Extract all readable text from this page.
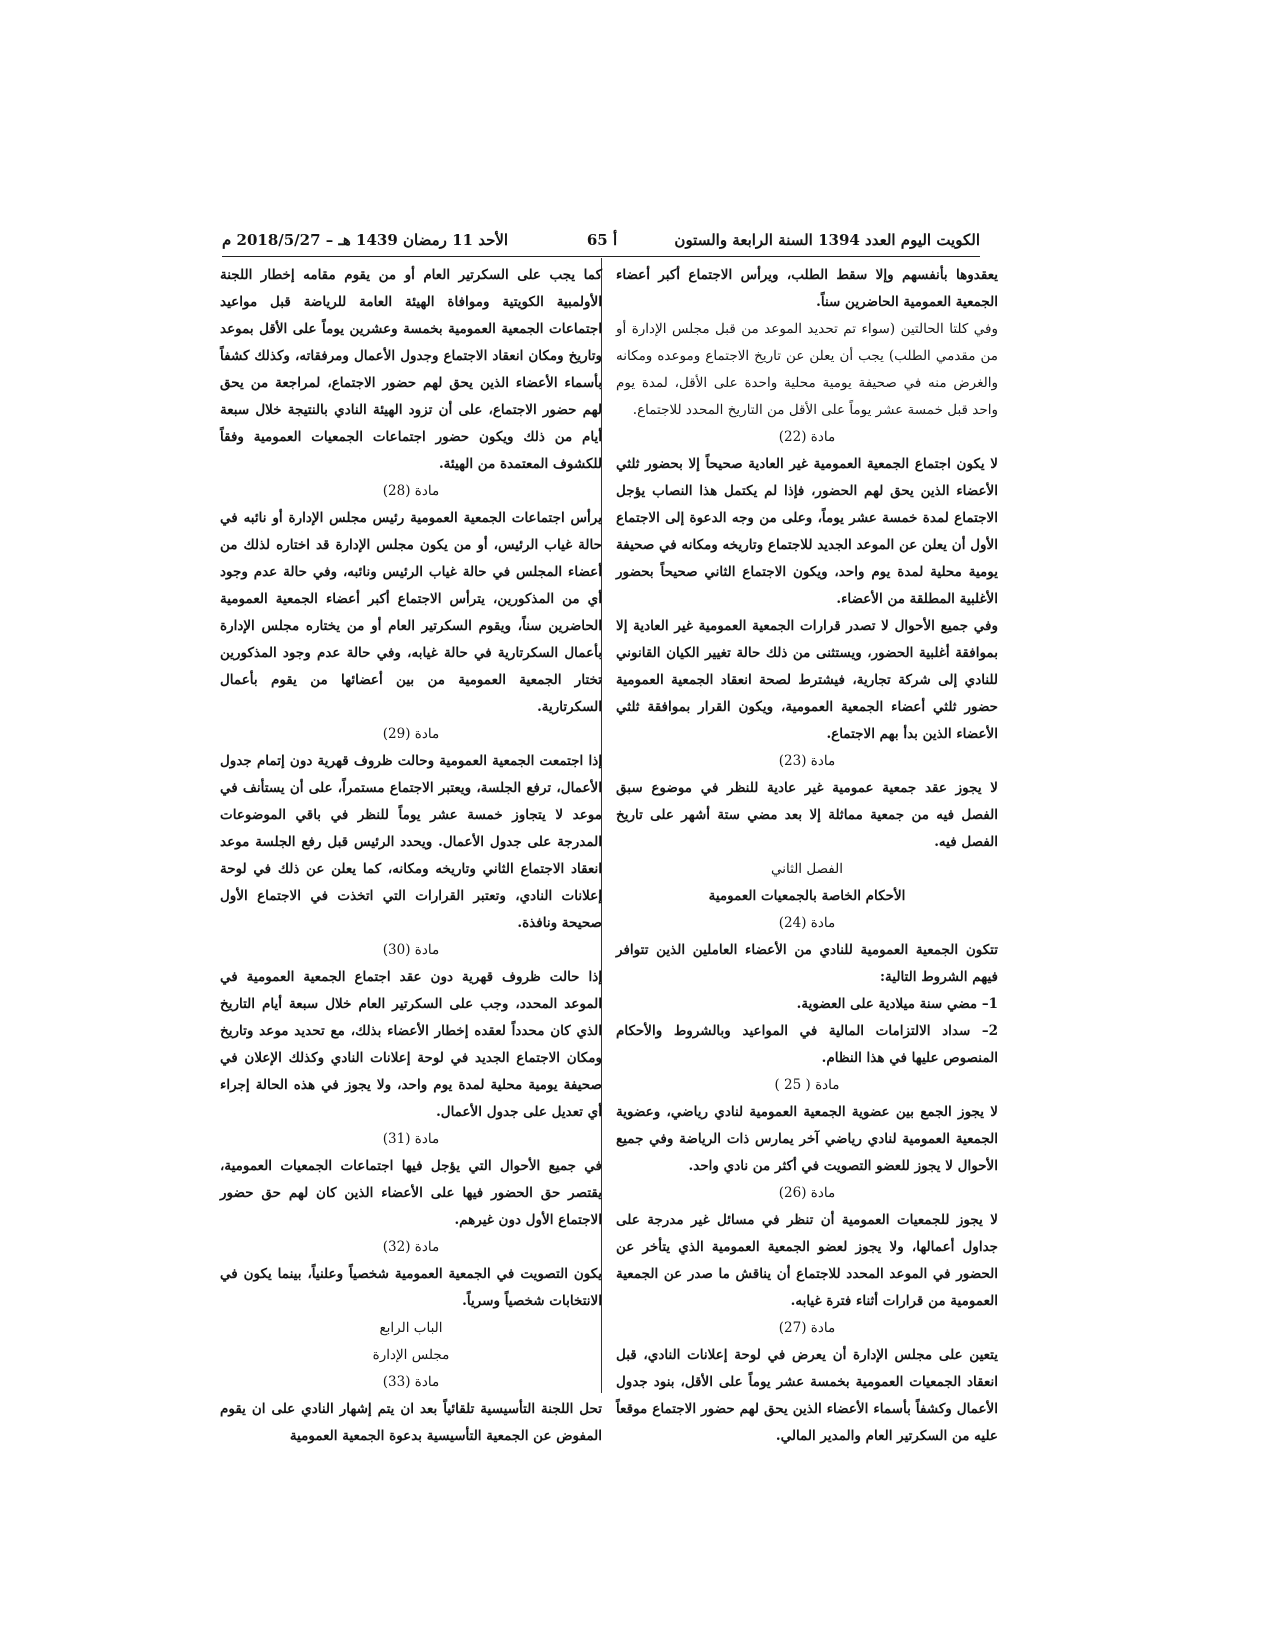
الكويت اليوم العدد 1394 السنة الرابعة والستون
أ 65
الأحد 11 رمضان 1439 هـ – 2018/5/27 م

يعقدوها بأنفسهم وإلا سقط الطلب، ويرأس الاجتماع أكبر أعضاء الجمعية العمومية الحاضرين سناً.

وفي كلتا الحالتين (سواء تم تحديد الموعد من قبل مجلس الإدارة أو من مقدمي الطلب) يجب أن يعلن عن تاريخ الاجتماع وموعده ومكانه والغرض منه في صحيفة يومية محلية واحدة على الأقل، لمدة يوم واحد قبل خمسة عشر يوماً على الأقل من التاريخ المحدد للاجتماع.

مادة (22)

لا يكون اجتماع الجمعية العمومية غير العادية صحيحاً إلا بحضور ثلثي الأعضاء الذين يحق لهم الحضور، فإذا لم يكتمل هذا النصاب يؤجل الاجتماع لمدة خمسة عشر يوماً، وعلى من وجه الدعوة إلى الاجتماع الأول أن يعلن عن الموعد الجديد للاجتماع وتاريخه ومكانه في صحيفة يومية محلية لمدة يوم واحد، ويكون الاجتماع الثاني صحيحاً بحضور الأغلبية المطلقة من الأعضاء.

وفي جميع الأحوال لا تصدر قرارات الجمعية العمومية غير العادية إلا بموافقة أغلبية الحضور، ويستثنى من ذلك حالة تغيير الكيان القانوني للنادي إلى شركة تجارية، فيشترط لصحة انعقاد الجمعية العمومية حضور ثلثي أعضاء الجمعية العمومية، ويكون القرار بموافقة ثلثي الأعضاء الذين بدأ بهم الاجتماع.

مادة (23)

لا يجوز عقد جمعية عمومية غير عادية للنظر في موضوع سبق الفصل فيه من جمعية مماثلة إلا بعد مضي ستة أشهر على تاريخ الفصل فيه.

الفصل الثاني
الأحكام الخاصة بالجمعيات العمومية
مادة (24)

تتكون الجمعية العمومية للنادي من الأعضاء العاملين الذين تتوافر فيهم الشروط التالية:

1– مضي سنة ميلادية على العضوية.

2– سداد الالتزامات المالية في المواعيد وبالشروط والأحكام المنصوص عليها في هذا النظام.

مادة ( 25 )

لا يجوز الجمع بين عضوية الجمعية العمومية لنادي رياضي، وعضوية الجمعية العمومية لنادي رياضي آخر يمارس ذات الرياضة وفي جميع الأحوال لا يجوز للعضو التصويت في أكثر من نادي واحد.

مادة (26)

لا يجوز للجمعيات العمومية أن تنظر في مسائل غير مدرجة على جداول أعمالها، ولا يجوز لعضو الجمعية العمومية الذي يتأخر عن الحضور في الموعد المحدد للاجتماع أن يناقش ما صدر عن الجمعية العمومية من قرارات أثناء فترة غيابه.

مادة (27)

يتعين على مجلس الإدارة أن يعرض في لوحة إعلانات النادي، قبل انعقاد الجمعيات العمومية بخمسة عشر يوماً على الأقل، بنود جدول الأعمال وكشفاً بأسماء الأعضاء الذين يحق لهم حضور الاجتماع موقعاً عليه من السكرتير العام والمدير المالي.

كما يجب على السكرتير العام أو من يقوم مقامه إخطار اللجنة الأولمبية الكويتية وموافاة الهيئة العامة للرياضة قبل مواعيد اجتماعات الجمعية العمومية بخمسة وعشرين يوماً على الأقل بموعد وتاريخ ومكان انعقاد الاجتماع وجدول الأعمال ومرفقاته، وكذلك كشفاً بأسماء الأعضاء الذين يحق لهم حضور الاجتماع، لمراجعة من يحق لهم حضور الاجتماع، على أن تزود الهيئة النادي بالنتيجة خلال سبعة أيام من ذلك ويكون حضور اجتماعات الجمعيات العمومية وفقاً للكشوف المعتمدة من الهيئة.

مادة (28)

يرأس اجتماعات الجمعية العمومية رئيس مجلس الإدارة أو نائبه في حالة غياب الرئيس، أو من يكون مجلس الإدارة قد اختاره لذلك من أعضاء المجلس في حالة غياب الرئيس ونائبه، وفي حالة عدم وجود أي من المذكورين، يترأس الاجتماع أكبر أعضاء الجمعية العمومية الحاضرين سناً، ويقوم السكرتير العام أو من يختاره مجلس الإدارة بأعمال السكرتارية في حالة غيابه، وفي حالة عدم وجود المذكورين تختار الجمعية العمومية من بين أعضائها من يقوم بأعمال السكرتارية.

مادة (29)

إذا اجتمعت الجمعية العمومية وحالت ظروف قهرية دون إتمام جدول الأعمال، ترفع الجلسة، ويعتبر الاجتماع مستمراً، على أن يستأنف في موعد لا يتجاوز خمسة عشر يوماً للنظر في باقي الموضوعات المدرجة على جدول الأعمال. ويحدد الرئيس قبل رفع الجلسة موعد انعقاد الاجتماع الثاني وتاريخه ومكانه، كما يعلن عن ذلك في لوحة إعلانات النادي، وتعتبر القرارات التي اتخذت في الاجتماع الأول صحيحة ونافذة.

مادة (30)

إذا حالت ظروف قهرية دون عقد اجتماع الجمعية العمومية في الموعد المحدد، وجب على السكرتير العام خلال سبعة أيام التاريخ الذي كان محدداً لعقده إخطار الأعضاء بذلك، مع تحديد موعد وتاريخ ومكان الاجتماع الجديد في لوحة إعلانات النادي وكذلك الإعلان في صحيفة يومية محلية لمدة يوم واحد، ولا يجوز في هذه الحالة إجراء أي تعديل على جدول الأعمال.

مادة (31)

في جميع الأحوال التي يؤجل فيها اجتماعات الجمعيات العمومية، يقتصر حق الحضور فيها على الأعضاء الذين كان لهم حق حضور الاجتماع الأول دون غيرهم.

مادة (32)

يكون التصويت في الجمعية العمومية شخصياً وعلنياً، بينما يكون في الانتخابات شخصياً وسرياً.

الباب الرابع
مجلس الإدارة
مادة (33)

تحل اللجنة التأسيسية تلقائياً بعد ان يتم إشهار النادي على ان يقوم المفوض عن الجمعية التأسيسية بدعوة الجمعية العمومية
